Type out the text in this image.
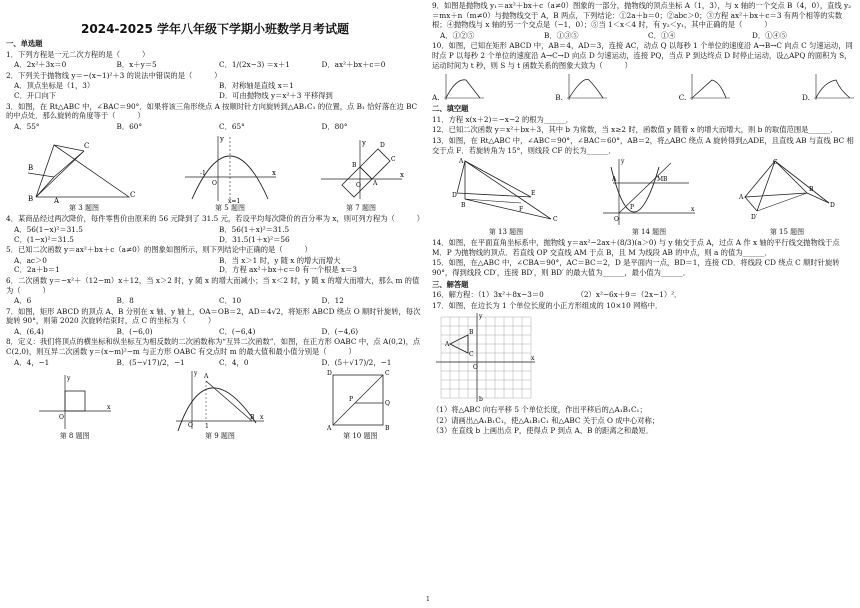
2024-2025 学年八年级下学期小班数学月考试题
一、单选题
1．下列方程是一元二次方程的是（　　　）
A．2x²＋3x＝0	B．x＋y＝5	C．1/(2x−3) ＝x＋1	D．ax²＋bx＋c＝0
2．下列关于抛物线 y＝−(x−1)²＋3 的说法中错误的是（　　　）
A．顶点坐标是（1，3）	B．对称轴是直线 x＝1
C．开口向下	D．可由抛物线 y＝x²＋3 平移得到
3．如图，在 Rt△ABC 中，∠BAC＝90°．如果将该三角形绕点 A 按顺时针方向旋转到△AB₁C₁ 的位置，点 B₁ 恰好落在边 BC 的中点处．那么旋转的角度等于（　　　）
A．55°	B．60°	C．65°	D．80°
B
C
B	A
C
第 3 题图
x
y
-1
O
x=1
第 5 题图
x
y D
C
A
B
O
第 7 题图
4．某商品经过两次降价，每件零售价由原来的 56 元降到了 31.5 元，若设平均每次降价的百分率为 x，则可列方程为（　　　）
A．56(1−x)²＝31.5	B．56(1＋x)²＝31.5
C．(1−x)²＝31.5	D．31.5(1＋x)²＝56
5．已知二次函数 y＝ax²＋bx＋c（a≠0）的图象如图所示，则下列结论中正确的是（　　　）
A．ac＞0	B．当 x＞1 时，y 随 x 的增大而增大
C．2a＋b＝1	D．方程 ax²＋bx＋c＝0 有一个根是 x＝3
6．二次函数 y＝−x²＋（12−m）x＋12，当 x＞2 时，y 随 x 的增大而减小；当 x＜2 时，y 随 x 的增大而增大，那么 m 的值为（　　　）
A．6	B．8	C．10	D．12
7．如图，矩形 ABCD 的顶点 A、B 分别在 x 轴、y 轴上，OA＝OB＝2，AD＝4√2，将矩形 ABCD 绕点 O 顺时针旋转，每次旋转 90°，则第 2020 次旋转结束时，点 C 的坐标为（　　　）
A．(6,4)	B．(−6,0)	C．(−6,4)	D．(−4,6)
8．定义：我们将顶点的横坐标和纵坐标互为相反数的二次函数称为“互异二次函数”．如图，在正方形 OABC 中，点 A(0,2)，点 C(2,0)，则互异二次函数 y＝(x−m)²−m 与正方形 OABC 有交点时 m 的最大值和最小值分别是（　　　）
A．4，−1	B．(5−√17)/2，−1	C．4，0	D．(5＋√17)/2，−1
x
y
O
第 8 题图
A
B
O 1
y
x
第 9 题图
D	C
A	B
P
Q
第 10 题图
9．如图是抛物线 y₁＝ax²＋bx＋c（a≠0）图象的一部分，抛物线的顶点坐标 A（1，3），与 x 轴的一个交点 B（4，0），直线 y₂＝mx＋n（m≠0）与抛物线交于 A，B 两点，下列结论：①2a＋b＝0；②abc＞0；③方程 ax²＋bx＋c＝3 有两个相等的实数根；④抛物线与 x 轴的另一个交点是（−1，0）；⑤当 1＜x＜4 时，有 y₂＜y₁，其中正确的是（　　　）
A．①②⑤	B．①③⑤	C．①④	D．①④⑤
10．如图，已知在矩形 ABCD 中，AB＝4，AD＝3，连接 AC，动点 Q 以每秒 1 个单位的速度沿 A→B→C 向点 C 匀速运动，同时点 P 以每秒 2 个单位的速度沿 A→C→D 向点 D 匀速运动，连接 PQ，当点 P 到达终点 D 时停止运动，设△APQ 的面积为 S，运动时间为 t 秒，则 S 与 t 函数关系的图象大致为（　　　）
A.	B.	C.	D.
二、填空题
11．方程 x(x＋2)＝−x−2 的根为______．
12．已知二次函数 y＝x²＋bx＋3，其中 b 为常数，当 x≥2 时，函数值 y 随着 x 的增大而增大，则 b 的取值范围是______．
13．如图，在 Rt△ABC 中，∠ABC＝90°，∠BAC＝60°，AB＝2，将△ABC 绕点 A 旋转得到△ADE，且直线 AB 与直线 BC 相交于点 F．若旋转角为 15°，则线段 CF 的长为______．
A
D
B
E
F
C
第 13 题图
A	M B
P
O
x
y
第 14 题图
C
A
B
D
D′
第 15 题图
14．如图，在平面直角坐标系中，抛物线 y＝ax²−2ax＋(8/3)(a＞0) 与 y 轴交于点 A，过点 A 作 x 轴的平行线交抛物线于点 M．P 为抛物线的顶点．若直线 OP 交直线 AM 于点 B，且 M 为线段 AB 的中点，则 a 的值为______．
15．如图，在△ABC 中，∠CBA＝90°，AC＝BC＝2，D 是平面内一点，BD＝1，连接 CD．将线段 CD 绕点 C 顺时针旋转 90°，得到线段 CD′，连接 BD′，则 BD′ 的最大值为______，最小值为______．
三、解答题
16．解方程：（1）3x²＋8x−3＝0　　　　　（2）x²−6x＋9＝（2x−1）²．
17．如图，在边长为 1 个单位长度的小正方形组成的 10×10 网格中．
A
B
C
O
y
x
b
（1）将△ABC 向右平移 5 个单位长度，作出平移后的△A₁B₁C₁；
（2）请画出△A₁B₁C₁，使△A₁B₁C₁ 和△ABC 关于点 O 成中心对称；
（3）在直线 b 上画出点 P，使得点 P 到点 A、B 的距离之和最短．
1
